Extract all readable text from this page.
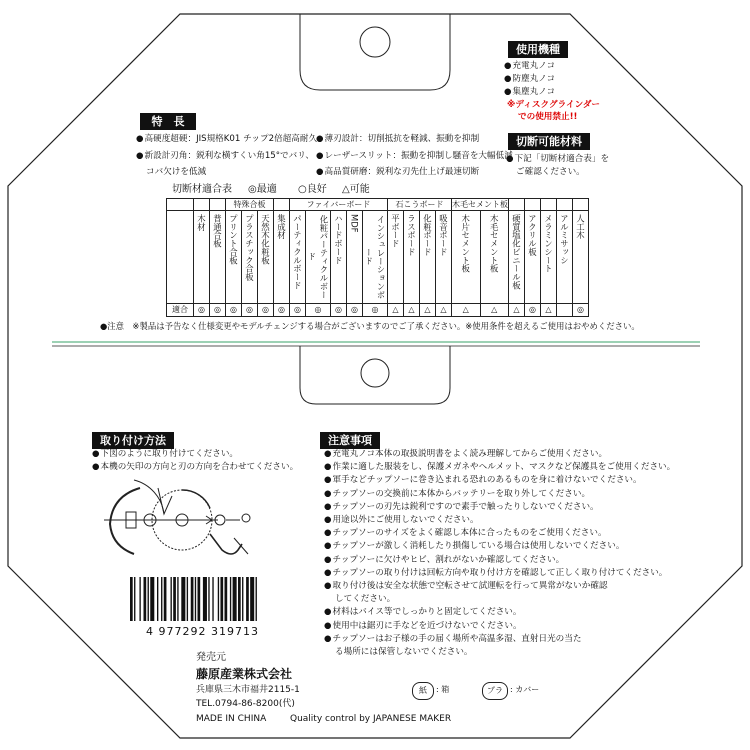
使用機種
● 充電丸ノコ
● 防塵丸ノコ
● 集塵丸ノコ
※ディスクグラインダー
での使用禁止!!
特　長
● 高硬度超硬：JIS規格K01 チップ2倍超高耐久
● 新設計刃角：鋭利な横すくい角15°でバリ、
コバ欠けを低減
● 薄刃設計：切削抵抗を軽減、振動を抑制
● レーザースリット：振動を抑制し騒音を大幅低減
● 高品質研磨：鋭利な刃先仕上げ最速切断
切断可能材料
● 下記「切断材適合表」を
ご確認ください。
切断材適合表 ◎最適 ○良好 △可能
			特殊合板				ファイバーボード					石こうボード				木毛セメント板						

	木材	普通合板	プリント合板	プラスチック合板	天然木化粧板	集成材	パーティクルボード	化粧パーティクルボード	ハードボード	MDF	インシュレーションボード	平ボード	ラスボード	化粧ボード	吸音ボード	木片セメント板	木毛セメント板	硬質塩化ビニール板	アクリル板	メラミンシート	アルミサッシ	人工木
適合	◎	◎	◎	◎	◎	◎	◎	◎	◎	◎	◎	△	△	△	△	△	△	△	◎	△		◎
●注意　※製品は予告なく仕様変更やモデルチェンジする場合がございますのでご了承ください。※使用条件を超えるご使用はおやめください。
取り付け方法
● 下図のように取り付けてください。
● 本機の矢印の方向と刃の方向を合わせてください。
注意事項
● 充電丸ノコ本体の取扱説明書をよく読み理解してからご使用ください。
● 作業に適した服装をし、保護メガネやヘルメット、マスクなど保護具をご使用ください。
● 軍手などチップソーに巻き込まれる恐れのあるものを身に着けないでください。
● チップソーの交換前に本体からバッテリーを取り外してください。
● チップソーの刃先は鋭利ですので素手で触ったりしないでください。
● 用途以外にご使用しないでください。
● チップソーのサイズをよく確認し本体に合ったものをご使用ください。
● チップソーが激しく消耗したり損傷している場合は使用しないでください。
● チップソーに欠けやヒビ、割れがないか確認してください。
● チップソーの取り付けは回転方向や取り付け方を確認して正しく取り付けてください。
● 取り付け後は安全な状態で空転させて試運転を行って異常がないか確認
してください。
● 材料はバイス等でしっかりと固定してください。
● 使用中は鋸刃に手などを近づけないでください。
● チップソーはお子様の手の届く場所や高温多湿、直射日光の当た
る場所には保管しないでください。
4 977292 319713
発売元
藤原産業株式会社
兵庫県三木市福井2115-1
TEL.0794-86-8200(代)
紙	: 箱	プラ : カバー
MADE IN CHINA	Quality control by JAPANESE MAKER
